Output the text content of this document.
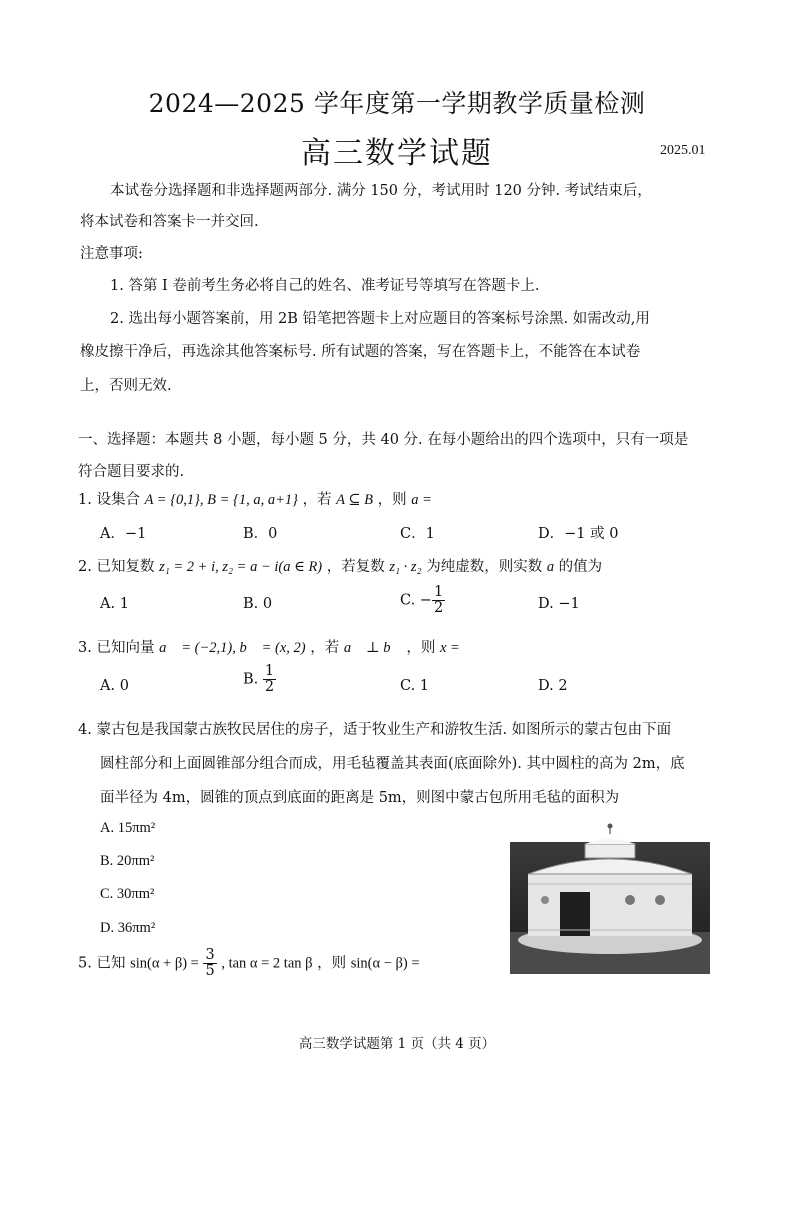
2024—2025 学年度第一学期教学质量检测
高三数学试题	2025.01
本试卷分选择题和非选择题两部分. 满分 150 分，考试用时 120 分钟. 考试结束后，
将本试卷和答案卡一并交回.
注意事项:
1. 答第 I 卷前考生务必将自己的姓名、准考证号等填写在答题卡上.
2. 选出每小题答案前，用 2B 铅笔把答题卡上对应题目的答案标号涂黑. 如需改动,用
橡皮擦干净后，再选涂其他答案标号. 所有试题的答案，写在答题卡上，不能答在本试卷
上，否则无效.
一、选择题：本题共 8 小题，每小题 5 分，共 40 分. 在每小题给出的四个选项中，只有一项是
符合题目要求的.
1. 设集合 A = {0,1}, B = {1, a, a+1} ，若 A ⊆ B ，则 a =
A．−1	B．0	C．1	D．−1 或 0
2. 已知复数 z₁ = 2 + i, z₂ = a − i(a ∈ R) ，若复数 z₁ · z₂ 为纯虚数，则实数 a 的值为
A. 1	B. 0	C. − $\frac{1}{2}$	D. −1
3. 已知向量 a⃗ = (−2,1), b⃗ = (x, 2) ，若 a⃗ ⊥ b⃗ ，则 x =
A. 0	B. $\frac{1}{2}$	C. 1	D. 2
4. 蒙古包是我国蒙古族牧民居住的房子，适于牧业生产和游牧生活. 如图所示的蒙古包由下面
圆柱部分和上面圆锥部分组合而成，用毛毡覆盖其表面(底面除外). 其中圆柱的高为 2m，底
面半径为 4m，圆锥的顶点到底面的距离是 5m，则图中蒙古包所用毛毡的面积为
A. 15πm²
B. 20πm²
C. 30πm²
D. 36πm²
5. 已知 $\sin(\alpha + \beta) = \frac{3}{5}$ , tan α = 2 tan β ，则 sin(α − β) =
高三数学试题第 1 页（共 4 页）
